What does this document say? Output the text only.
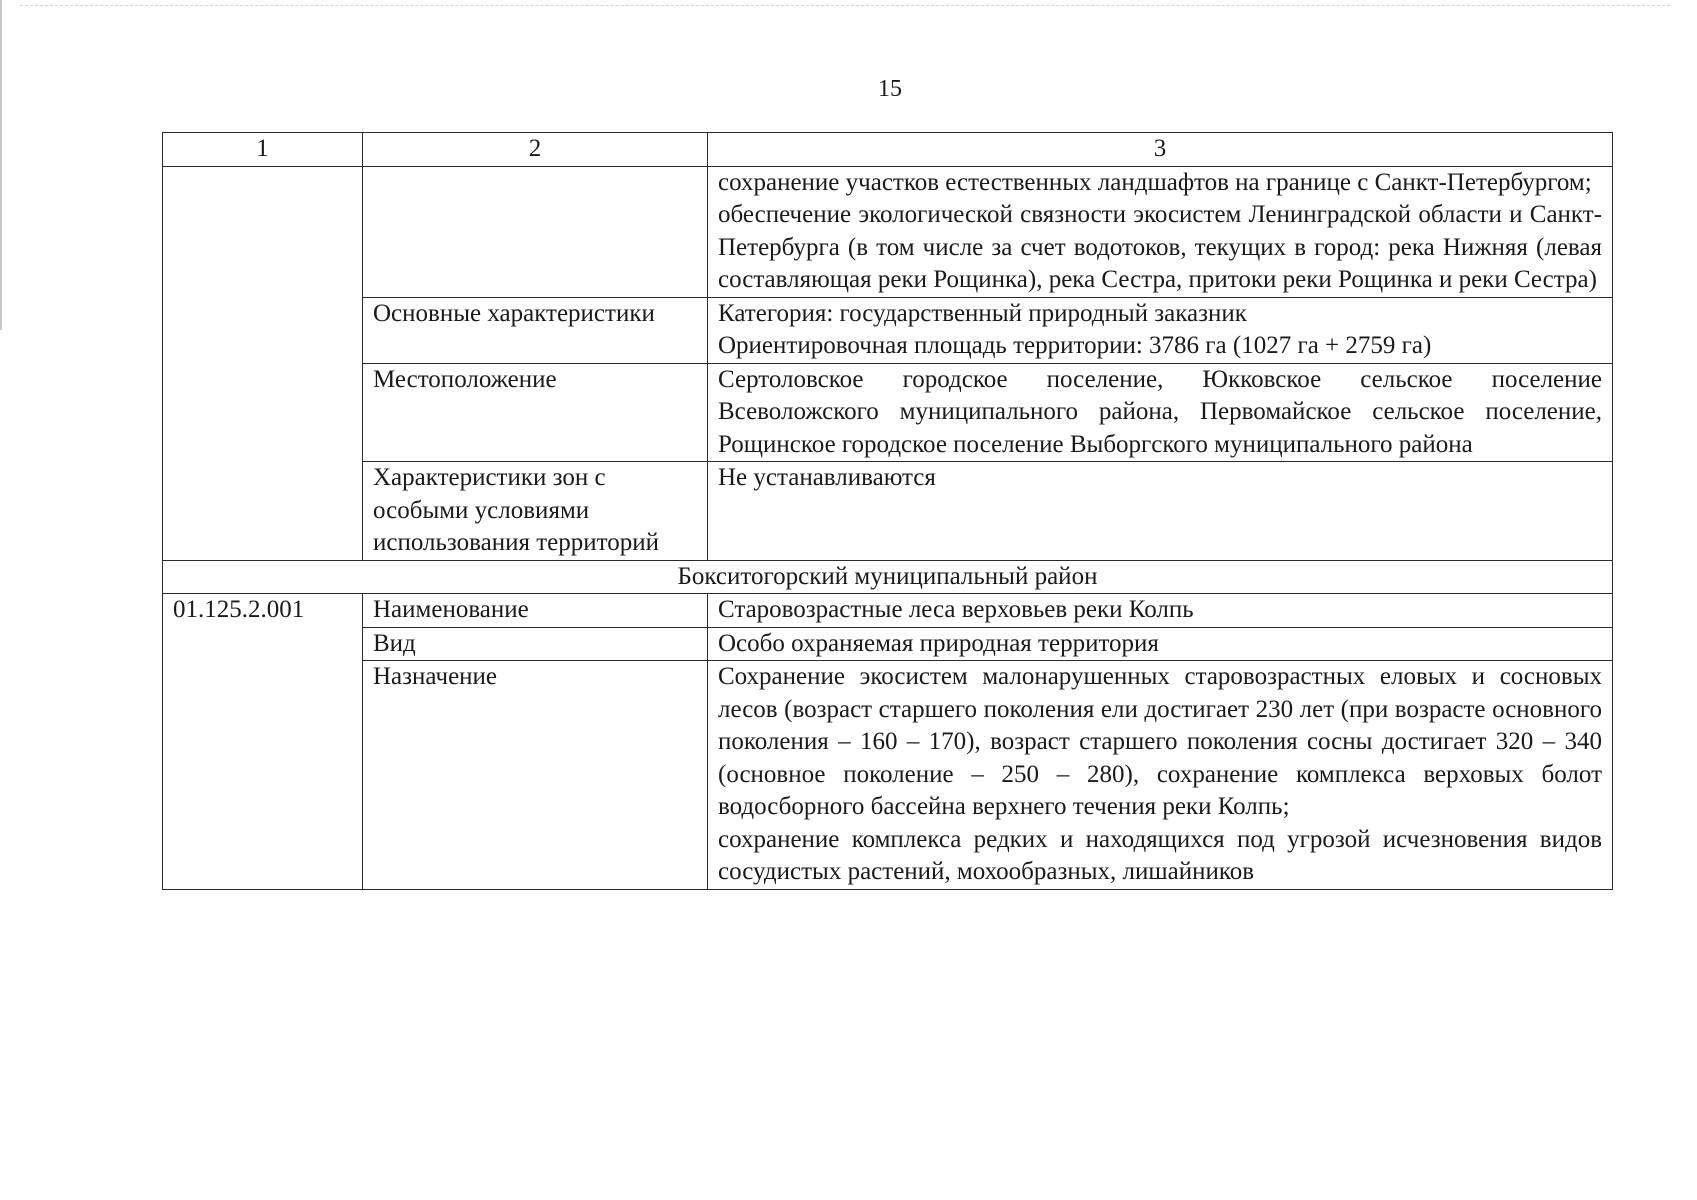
15
1	2	3

		сохранение участков естественных ландшафтов на границе с Санкт-Петербургом;
обеспечение экологической связности экосистем Ленинградской области и Санкт-Петербурга (в том числе за счет водотоков, текущих в город: река Нижняя (левая составляющая реки Рощинка), река Сестра, притоки реки Рощинка и реки Сестра)

	Основные характеристики	Категория: государственный природный заказник
Ориентировочная площадь территории: 3786 га (1027 га + 2759 га)

	Местоположение	Сертоловское городское поселение, Юкковское сельское поселение Всеволожского муниципального района, Первомайское сельское поселение, Рощинское городское поселение Выборгского муниципального района

	Характеристики зон с особыми условиями использования территорий	Не устанавливаются

Бокситогорский муниципальный район		
01.125.2.001	Наименование	Старовозрастные леса верховьев реки Колпь

	Вид	Особо охраняемая природная территория

	Назначение	Сохранение экосистем малонарушенных старовозрастных еловых и сосновых лесов (возраст старшего поколения ели достигает 230 лет (при возрасте основного поколения – 160 – 170), возраст старшего поколения сосны достигает 320 – 340 (основное поколение – 250 – 280), сохранение комплекса верховых болот водосборного бассейна верхнего течения реки Колпь;
сохранение комплекса редких и находящихся под угрозой исчезновения видов сосудистых растений, мохообразных, лишайников
